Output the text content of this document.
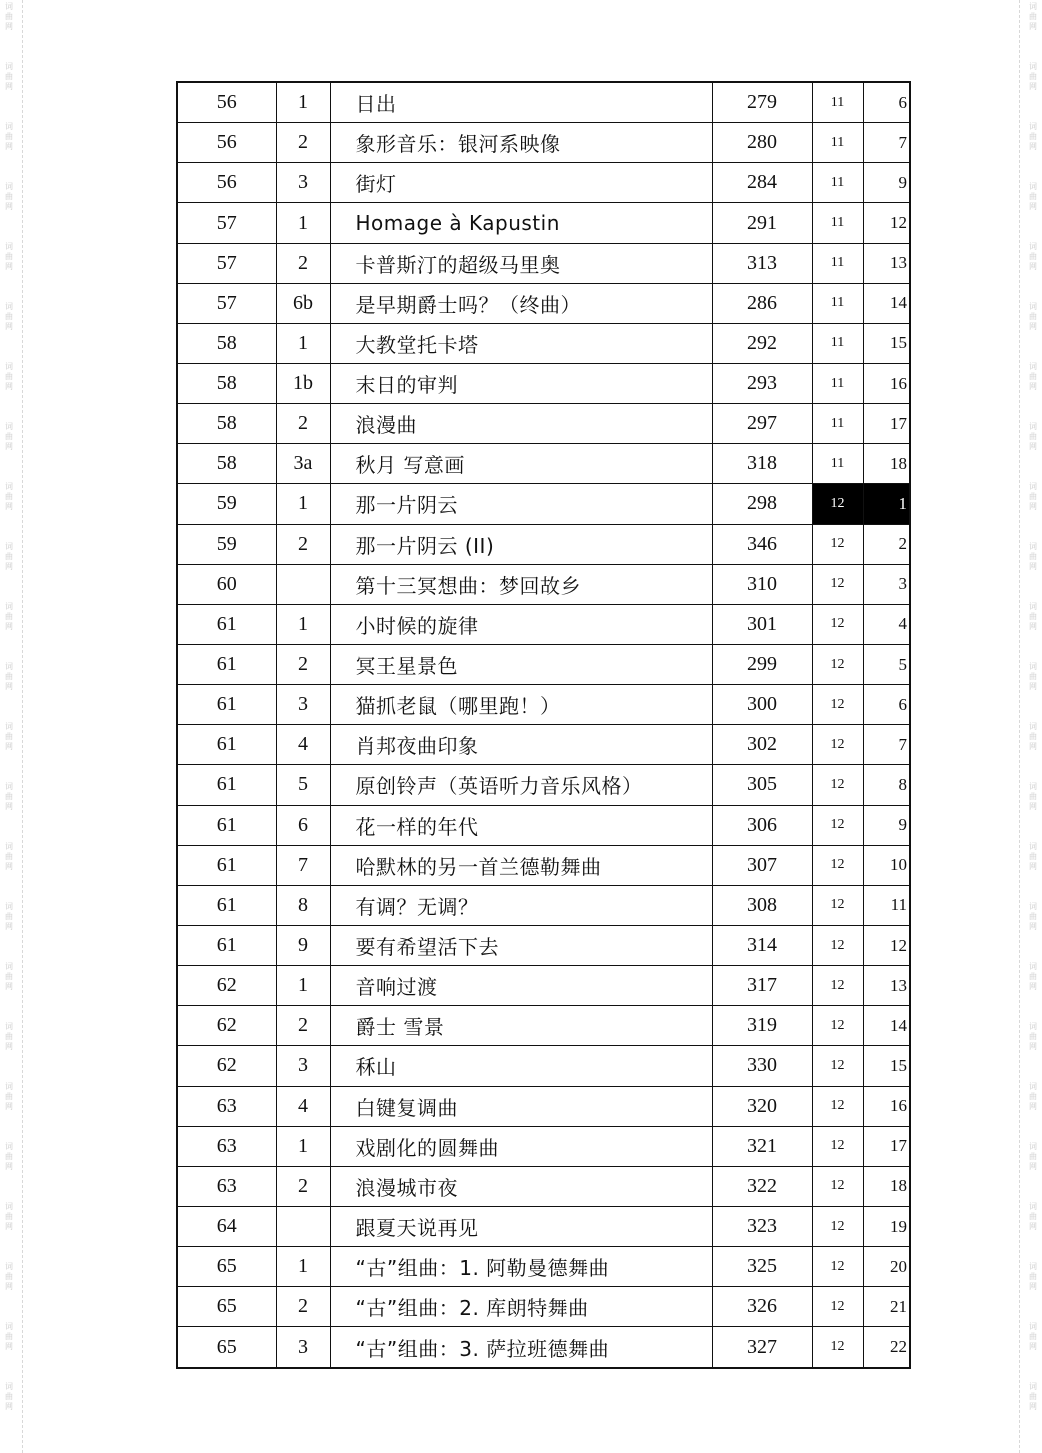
词曲网
词曲网
词曲网
词曲网
词曲网
词曲网
词曲网
词曲网
词曲网
词曲网
词曲网
词曲网
词曲网
词曲网
词曲网
词曲网
词曲网
词曲网
词曲网
词曲网
词曲网
词曲网
词曲网
词曲网
词曲网
词曲网
词曲网
词曲网
词曲网
词曲网
词曲网
词曲网
词曲网
词曲网
词曲网
词曲网
词曲网
词曲网
词曲网
词曲网
词曲网
词曲网
词曲网
词曲网
词曲网
词曲网
词曲网
词曲网
56	1	日出	279	11	6
56	2	象形音乐：银河系映像	280	11	7
56	3	街灯	284	11	9
57	1	Homage à Kapustin	291	11	12
57	2	卡普斯汀的超级马里奥	313	11	13
57	6b	是早期爵士吗？（终曲）	286	11	14
58	1	大教堂托卡塔	292	11	15
58	1b	末日的审判	293	11	16
58	2	浪漫曲	297	11	17
58	3a	秋月 写意画	318	11	18
59	1	那一片阴云	298	12	1
59	2	那一片阴云 (II)	346	12	2
60		第十三冥想曲：梦回故乡	310	12	3
61	1	小时候的旋律	301	12	4
61	2	冥王星景色	299	12	5
61	3	猫抓老鼠（哪里跑！）	300	12	6
61	4	肖邦夜曲印象	302	12	7
61	5	原创铃声（英语听力音乐风格）	305	12	8
61	6	花一样的年代	306	12	9
61	7	哈默林的另一首兰德勒舞曲	307	12	10
61	8	有调？无调？	308	12	11
61	9	要有希望活下去	314	12	12
62	1	音响过渡	317	12	13
62	2	爵士 雪景	319	12	14
62	3	秝山	330	12	15
63	4	白键复调曲	320	12	16
63	1	戏剧化的圆舞曲	321	12	17
63	2	浪漫城市夜	322	12	18
64		跟夏天说再见	323	12	19
65	1	“古”组曲：1. 阿勒曼德舞曲	325	12	20
65	2	“古”组曲：2. 库朗特舞曲	326	12	21
65	3	“古”组曲：3. 萨拉班德舞曲	327	12	22
